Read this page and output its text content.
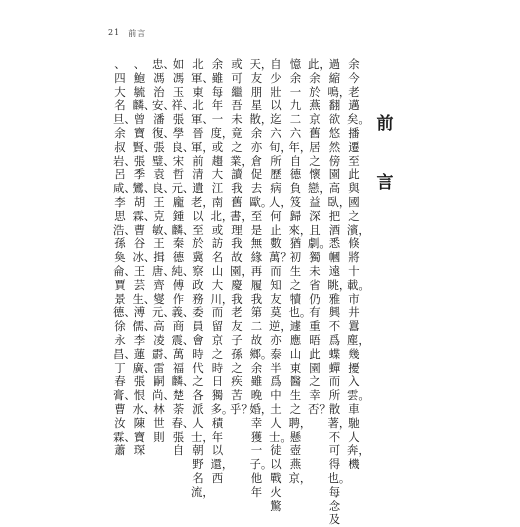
21 前言
前
言
余今老邁矣。播遷至此與國之濱，倏將十載。市井囂塵，幾擾入雲。車馳人奔，機
過縮鳴，翻欲悠然傍園高臥，把酒悉幗遠眺，雅興不爲蝶蟬而所散著，不可得也。每念及
此，余於燕京舊居之懷戀，益深且劇。獨未省仍有重晤此園之幸否？
憶余一九二六年，自德負笈歸來，猶初生之犢也。遽應山東醫生之聘，懸壺燕京，
自少壯以迄六旬，所歷病人，何止數萬？而知友莫逆，亦泰半爲中土人士。徒以戰火驚
天，友朋星散，余亦倉促去歐。至是無緣再履我第二故鄉。余雖晚婚，幸獲一子。他年
或可繼吾未竟之業，讀我舊書，理我故園，慶我老友子孫之疾苦乎？
余雖每年一度，或趨大江南北，或訪名山大川，而留京之時日獨多。積年以還，西
北軍、東北軍、晉軍，前清遺老，以至於冀察政務委員會時代之各派人士，朝野名流，
如馮玉祥、張學良、宋哲元、龐鍾麟、秦德純、傅作義、商震、萬福麟、楚荼春、張自
忠、馮治安、潘復、張璧、袁良、王克敏、王揖唐、齊燮元、高凌霨、雷嗣尚、林世則
、鮑毓麟、曾寶賢、張季鸞、胡霖、曹谷冰、王芸生、溥儒、李蓮廣、張恨水、陳寶琛
、四大名旦、余叔岩、呂咸、李思浩、孫奐侖、賈景德、徐永昌、丁春膏、曹汝霖、蕭
